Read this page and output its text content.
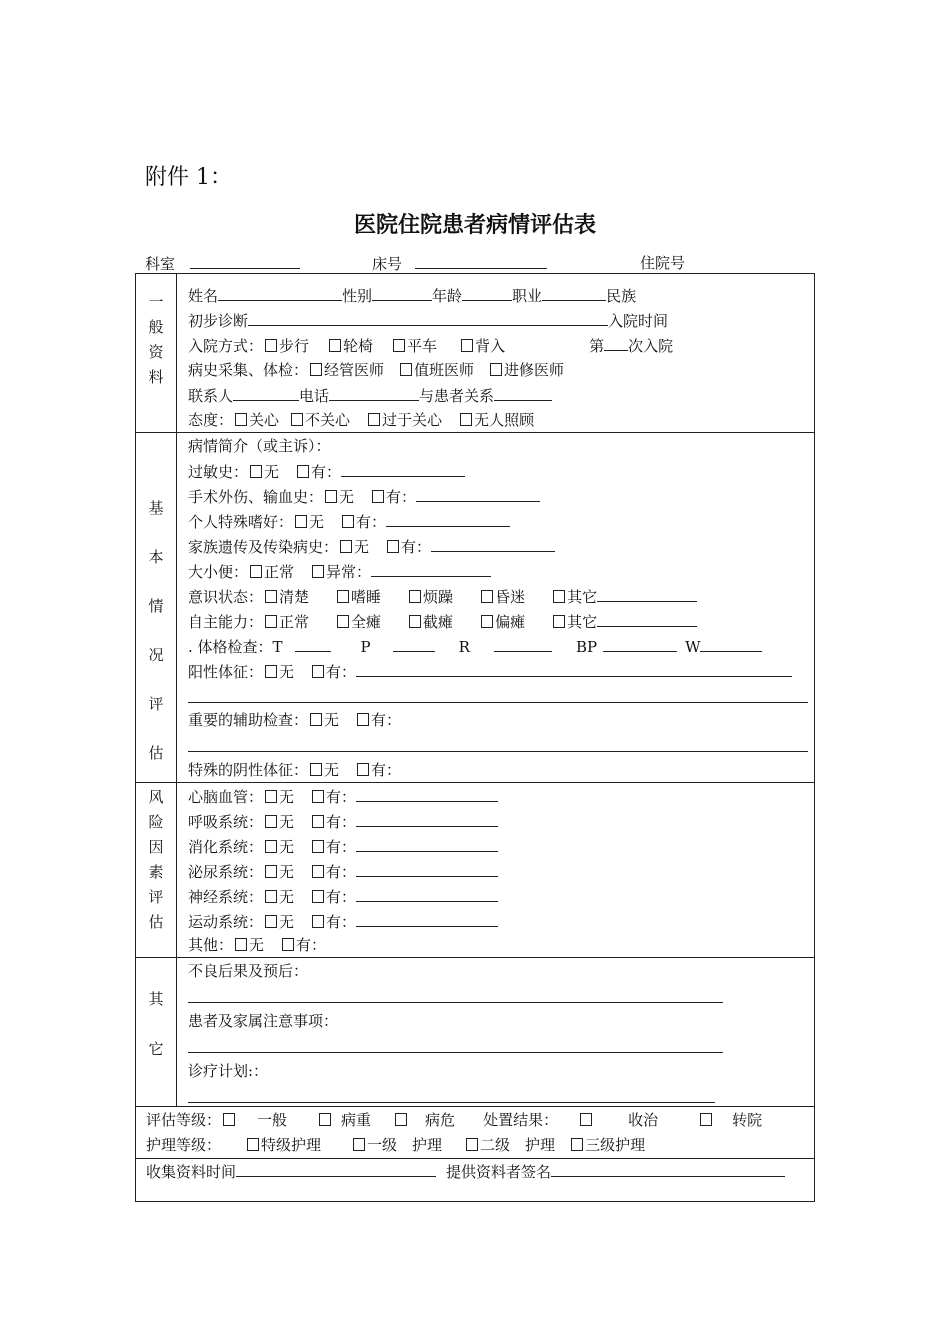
附件 1：
医院住院患者病情评估表
科室	床号	住院号
一
般
资
料
姓名	性别	年龄	职业	民族
初步诊断	入院时间
入院方式： 步行 轮椅 平车	背入	第 次入院
病史采集、体检： 经管医师 值班医师 进修医师
联系人	电话	与患者关系
态度： 关心 不关心 过于关心 无人照顾
基
本
情
况
评
估
病情简介（或主诉）：
过敏史： 无 有：
手术外伤、输血史： 无 有：
个人特殊嗜好： 无 有：
家族遗传及传染病史： 无 有：
大小便： 正常 异常：
意识状态： 清楚	嗜睡	烦躁	昏迷	其它
自主能力： 正常	全瘫	截瘫	偏瘫	其它
. 体格检查：T	P	R	BP	W
阳性体征： 无 有：
重要的辅助检查： 无 有：
特殊的阴性体征： 无 有：
风
险
因
素
评
估
心脑血管： 无 有：
呼吸系统： 无 有：
消化系统： 无 有：
泌尿系统： 无 有：
神经系统： 无 有：
运动系统： 无 有：
其他： 无 有：
其
它
不良后果及预后：
患者及家属注意事项：
诊疗计划:：
评估等级： 一般	病重	病危 处置结果：	收治	转院
护理等级：	特级护理	一级　护理	二级　护理 三级护理
收集资料时间	提供资料者签名
